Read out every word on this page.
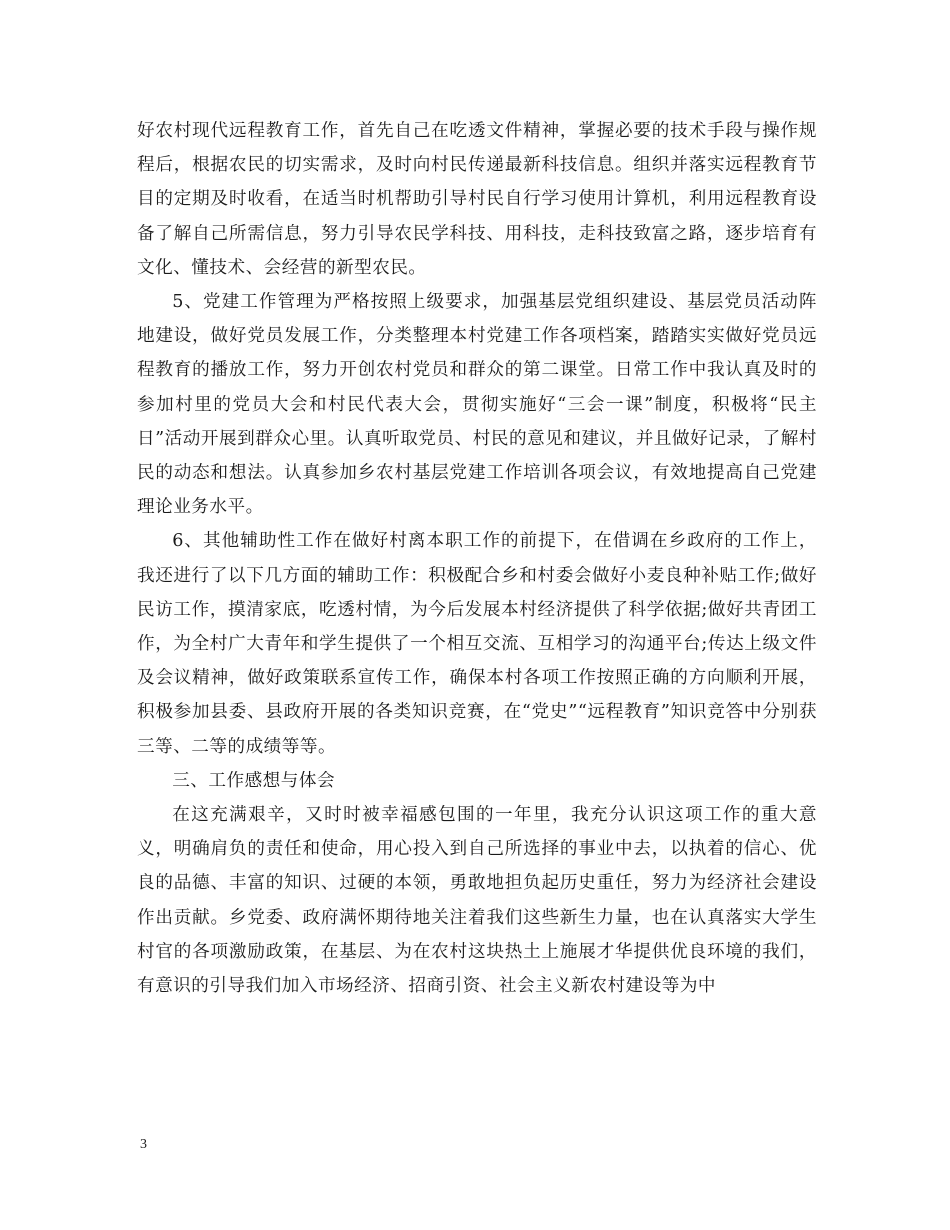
好农村现代远程教育工作，首先自己在吃透文件精神，掌握必要的技术手段与操作规程后，根据农民的切实需求，及时向村民传递最新科技信息。组织并落实远程教育节目的定期及时收看，在适当时机帮助引导村民自行学习使用计算机，利用远程教育设备了解自己所需信息，努力引导农民学科技、用科技，走科技致富之路，逐步培育有文化、懂技术、会经营的新型农民。

5、党建工作管理为严格按照上级要求，加强基层党组织建设、基层党员活动阵地建设，做好党员发展工作，分类整理本村党建工作各项档案，踏踏实实做好党员远程教育的播放工作，努力开创农村党员和群众的第二课堂。日常工作中我认真及时的参加村里的党员大会和村民代表大会，贯彻实施好“三会一课”制度，积极将“民主日”活动开展到群众心里。认真听取党员、村民的意见和建议，并且做好记录，了解村民的动态和想法。认真参加乡农村基层党建工作培训各项会议，有效地提高自己党建理论业务水平。

6、其他辅助性工作在做好村离本职工作的前提下，在借调在乡政府的工作上，我还进行了以下几方面的辅助工作：积极配合乡和村委会做好小麦良种补贴工作;做好民访工作，摸清家底，吃透村情，为今后发展本村经济提供了科学依据;做好共青团工作，为全村广大青年和学生提供了一个相互交流、互相学习的沟通平台;传达上级文件及会议精神，做好政策联系宣传工作，确保本村各项工作按照正确的方向顺利开展，积极参加县委、县政府开展的各类知识竞赛，在“党史”“远程教育”知识竞答中分别获三等、二等的成绩等等。

三、工作感想与体会

在这充满艰辛，又时时被幸福感包围的一年里，我充分认识这项工作的重大意义，明确肩负的责任和使命，用心投入到自己所选择的事业中去，以执着的信心、优良的品德、丰富的知识、过硬的本领，勇敢地担负起历史重任，努力为经济社会建设作出贡献。乡党委、政府满怀期待地关注着我们这些新生力量，也在认真落实大学生村官的各项激励政策，在基层、为在农村这块热土上施展才华提供优良环境的我们，有意识的引导我们加入市场经济、招商引资、社会主义新农村建设等为中

3
